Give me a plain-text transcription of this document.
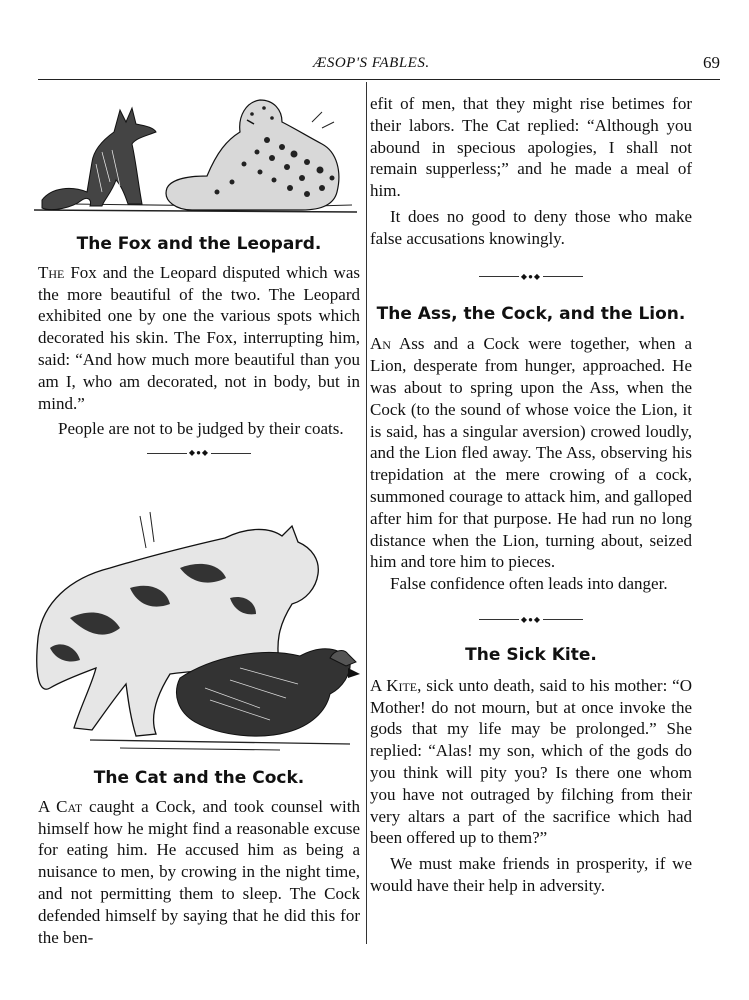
ÆSOP'S FABLES.	69
The Fox and the Leopard.

The Fox and the Leopard disputed which was the more beautiful of the two. The Leopard exhibited one by one the various spots which decorated his skin. The Fox, interrupting him, said: “And how much more beautiful than you am I, who am decorated, not in body, but in mind.”

People are not to be judged by their coats.

◆●◆
The Cat and the Cock.

A Cat caught a Cock, and took counsel with himself how he might find a reasonable excuse for eating him. He accused him as being a nuisance to men, by crowing in the night time, and not permitting them to sleep. The Cock defended himself by saying that he did this for the ben-

efit of men, that they might rise betimes for their labors. The Cat replied: “Although you abound in specious apologies, I shall not remain supperless;” and he made a meal of him.

It does no good to deny those who make false accusations knowingly.

◆●◆
The Ass, the Cock, and the Lion.

An Ass and a Cock were together, when a Lion, desperate from hunger, approached. He was about to spring upon the Ass, when the Cock (to the sound of whose voice the Lion, it is said, has a singular aversion) crowed loudly, and the Lion fled away. The Ass, observing his trepidation at the mere crowing of a cock, summoned courage to attack him, and galloped after him for that purpose. He had run no long distance when the Lion, turning about, seized him and tore him to pieces.

False confidence often leads into danger.

◆●◆
The Sick Kite.

A Kite, sick unto death, said to his mother: “O Mother! do not mourn, but at once invoke the gods that my life may be prolonged.” She replied: “Alas! my son, which of the gods do you think will pity you? Is there one whom you have not outraged by filching from their very altars a part of the sacrifice which had been offered up to them?”

We must make friends in prosperity, if we would have their help in adversity.
